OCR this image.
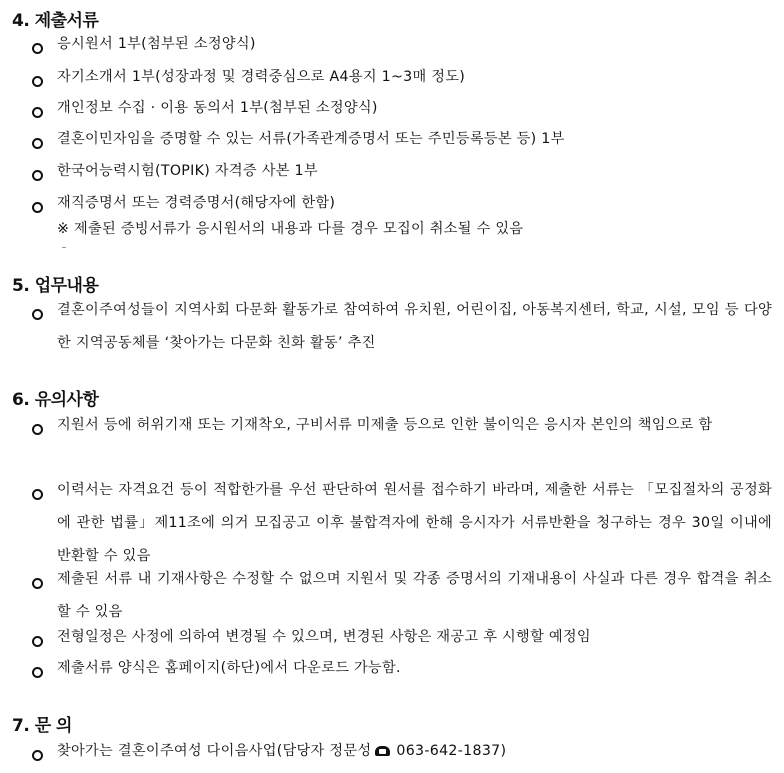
4. 제출서류
응시원서 1부(첨부된 소정양식)
자기소개서 1부(성장과정 및 경력중심으로 A4용지 1~3매 정도)
개인정보 수집 · 이용 동의서 1부(첨부된 소정양식)
결혼이민자임을 증명할 수 있는 서류(가족관계증명서 또는 주민등록등본 등) 1부
한국어능력시험(TOPIK) 자격증 사본 1부
재직증명서 또는 경력증명서(해당자에 한함)
※ 제출된 증빙서류가 응시원서의 내용과 다를 경우 모집이 취소될 수 있음
5. 업무내용
결혼이주여성들이 지역사회 다문화 활동가로 참여하여 유치원, 어린이집, 아동복지센터, 학교, 시설, 모임 등 다양한 지역공동체를 ‘찾아가는 다문화 친화 활동’ 추진
6. 유의사항
지원서 등에 허위기재 또는 기재착오, 구비서류 미제출 등으로 인한 불이익은 응시자 본인의 책임으로 함
이력서는 자격요건 등이 적합한가를 우선 판단하여 원서를 접수하기 바라며, 제출한 서류는 「모집절차의 공정화에 관한 법률」제11조에 의거 모집공고 이후 불합격자에 한해 응시자가 서류반환을 청구하는 경우 30일 이내에 반환할 수 있음
제출된 서류 내 기재사항은 수정할 수 없으며 지원서 및 각종 증명서의 기재내용이 사실과 다른 경우 합격을 취소할 수 있음
전형일정은 사정에 의하여 변경될 수 있으며, 변경된 사항은 재공고 후 시행할 예정임
제출서류 양식은 홈페이지(하단)에서 다운로드 가능함.
7. 문 의
찾아가는 결혼이주여성 다이음사업(담당자 정문성 063-642-1837)
